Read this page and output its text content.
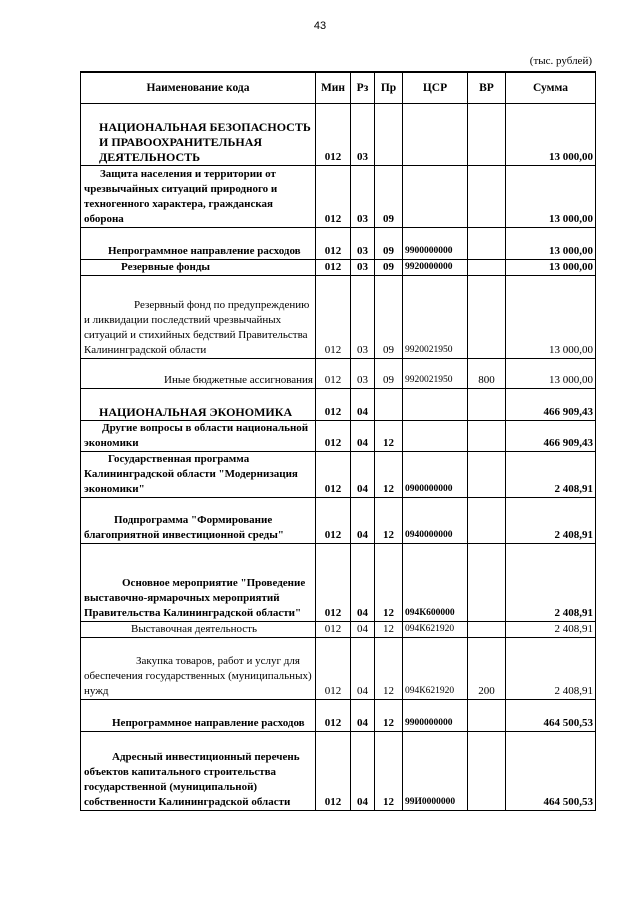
43
(тыс. рублей)
Наименование кода	Мин	Рз	Пр	ЦСР	ВР	Сумма
НАЦИОНАЛЬНАЯ БЕЗОПАСНОСТЬ И ПРАВООХРАНИТЕЛЬНАЯ ДЕЯТЕЛЬНОСТЬ	012	03				13 000,00
Защита населения и территории от чрезвычайных ситуаций природного и техногенного характера, гражданская оборона	012	03	09			13 000,00
Непрограммное направление расходов	012	03	09	9900000000		13 000,00
Резервные фонды	012	03	09	9920000000		13 000,00
Резервный фонд по предупреждению и ликвидации последствий чрезвычайных ситуаций и стихийных бедствий Правительства Калининградской области	012	03	09	9920021950		13 000,00
Иные бюджетные ассигнования	012	03	09	9920021950	800	13 000,00
НАЦИОНАЛЬНАЯ ЭКОНОМИКА	012	04				466 909,43
Другие вопросы в области национальной экономики	012	04	12			466 909,43
Государственная программа Калининградской области "Модернизация экономики"	012	04	12	0900000000		2 408,91
Подпрограмма "Формирование благоприятной инвестиционной среды"	012	04	12	0940000000		2 408,91
Основное мероприятие "Проведение выставочно-ярмарочных мероприятий Правительства Калининградской области"	012	04	12	094К600000		2 408,91
Выставочная деятельность	012	04	12	094К621920		2 408,91
Закупка товаров, работ и услуг для обеспечения государственных (муниципальных) нужд	012	04	12	094К621920	200	2 408,91
Непрограммное направление расходов	012	04	12	9900000000		464 500,53
Адресный инвестиционный перечень объектов капитального строительства государственной (муниципальной) собственности Калининградской области	012	04	12	99И0000000		464 500,53
